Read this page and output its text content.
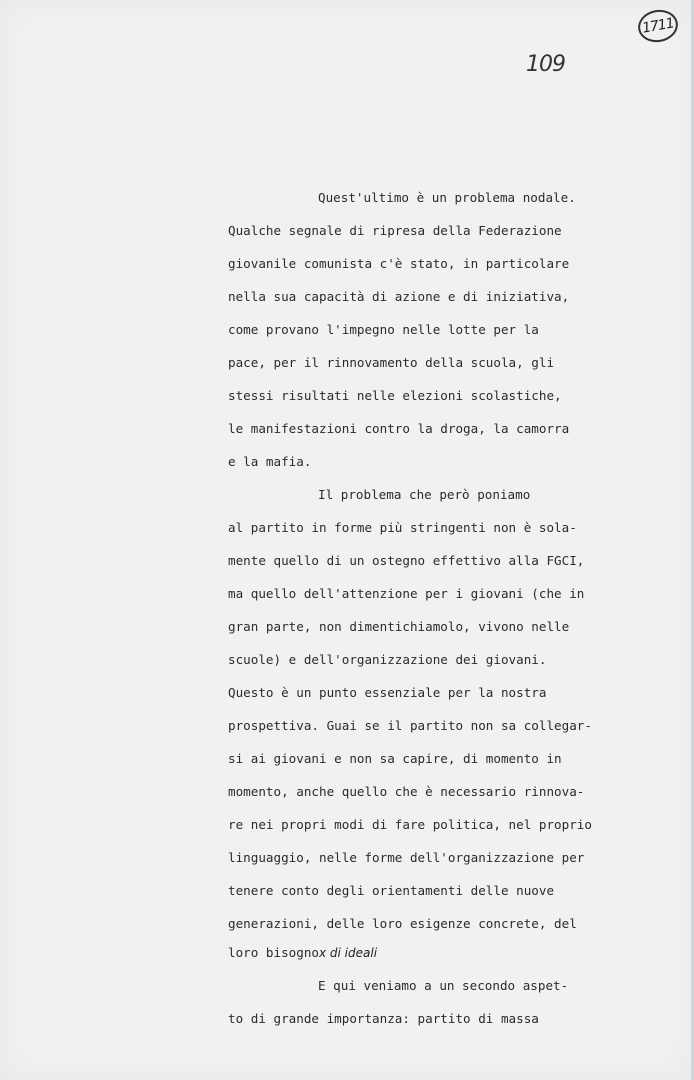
1711
109
Quest'ultimo è un problema nodale.
Qualche segnale di ripresa della Federazione
giovanile comunista c'è stato, in particolare
nella sua capacità di azione e di iniziativa,
come provano l'impegno nelle lotte per la
pace, per il rinnovamento della scuola, gli
stessi risultati nelle elezioni scolastiche,
le manifestazioni contro la droga, la camorra
e la mafia.
Il problema che però poniamo
al partito in forme più stringenti non è sola-
mente quello di un ostegno effettivo alla FGCI,
ma quello dell'attenzione per i giovani (che in
gran parte, non dimentichiamolo, vivono nelle
scuole) e dell'organizzazione dei giovani.
Questo è un punto essenziale per la nostra
prospettiva. Guai se il partito non sa collegar-
si ai giovani e non sa capire, di momento in
momento, anche quello che è necessario rinnova-
re nei propri modi di fare politica, nel proprio
linguaggio, nelle forme dell'organizzazione per
tenere conto degli orientamenti delle nuove
generazioni, delle loro esigenze concrete, del
loro bisognox di ideali
E qui veniamo a un secondo aspet-
to di grande importanza: partito di massa
